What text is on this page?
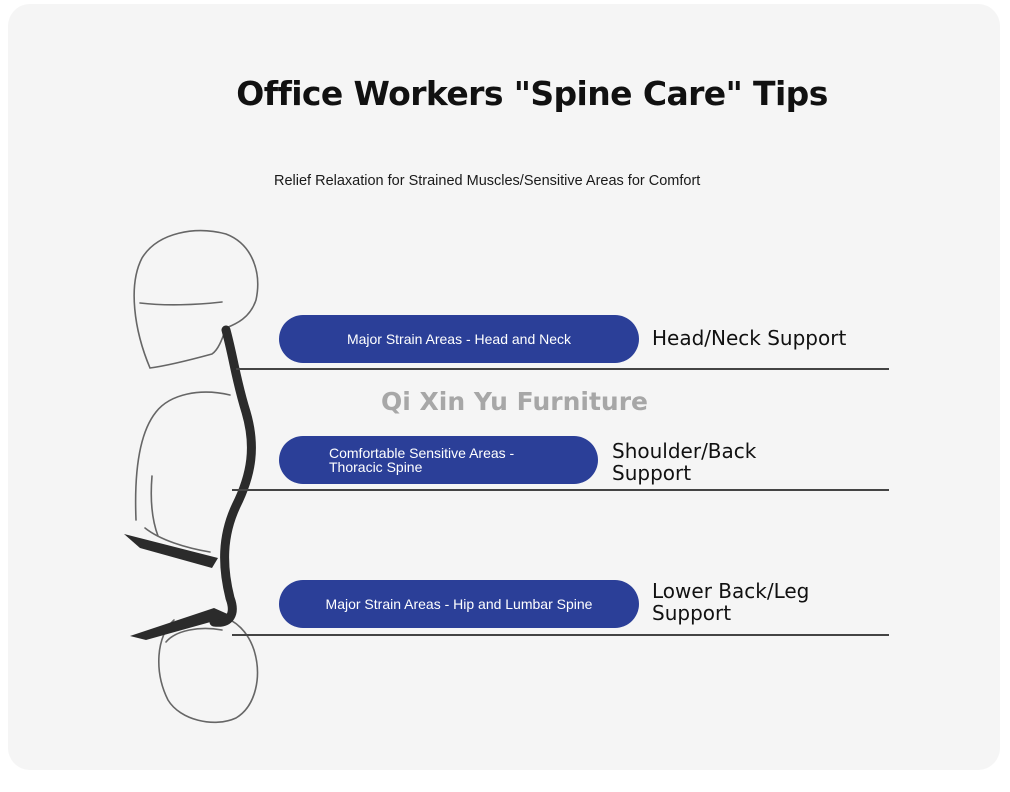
Office Workers "Spine Care" Tips
Relief Relaxation for Strained Muscles/Sensitive Areas for Comfort
Major Strain Areas - Head and Neck	Head/Neck Support
Qi Xin Yu Furniture
Comfortable Sensitive Areas - Thoracic Spine
Shoulder/Back Support
Major Strain Areas - Hip and Lumbar Spine
Lower Back/Leg Support
